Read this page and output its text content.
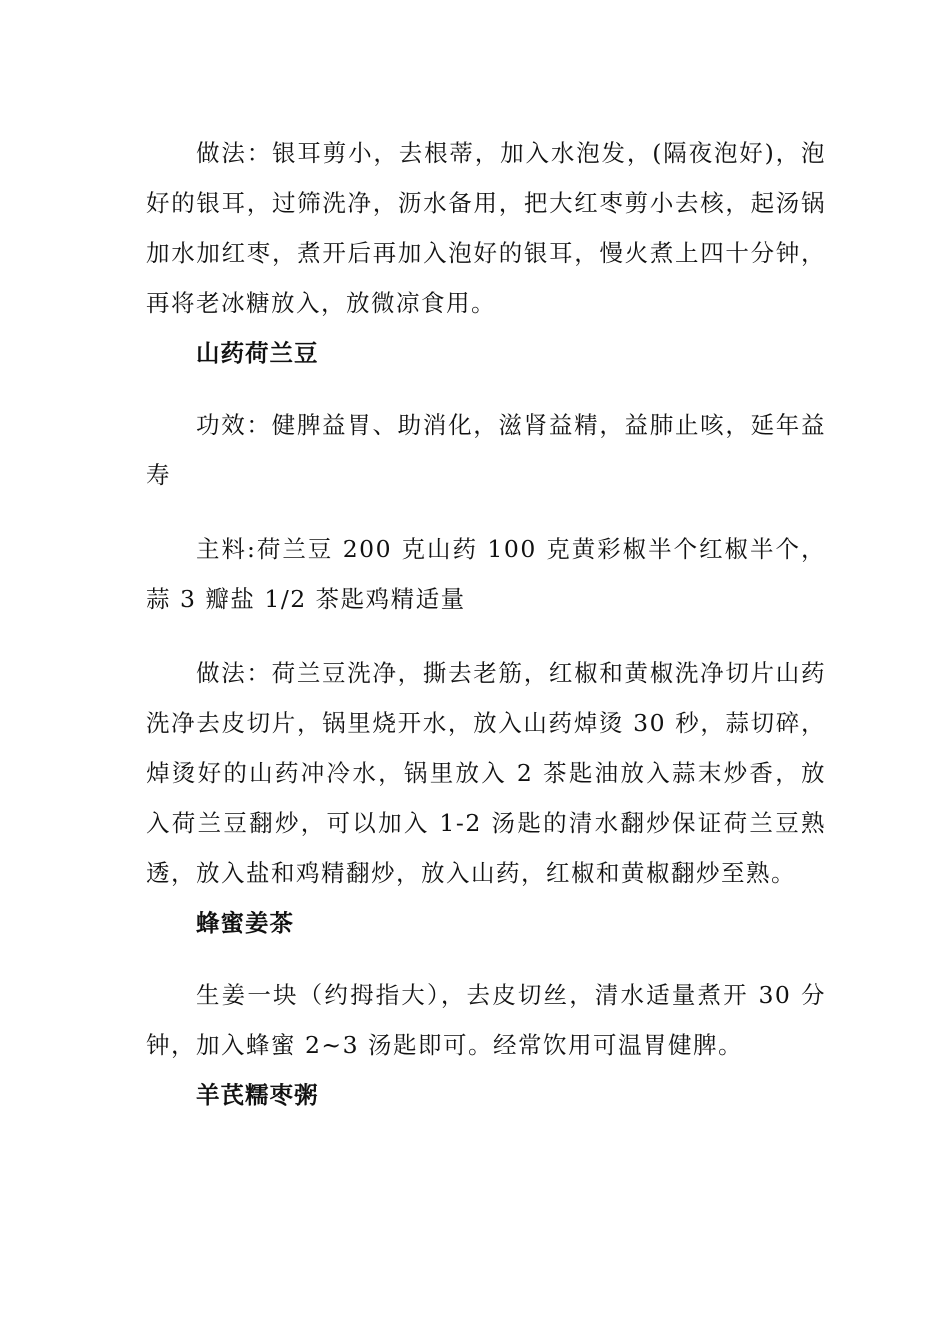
做法：银耳剪小，去根蒂，加入水泡发，(隔夜泡好)，泡好的银耳，过筛洗净，沥水备用，把大红枣剪小去核，起汤锅加水加红枣，煮开后再加入泡好的银耳，慢火煮上四十分钟，再将老冰糖放入，放微凉食用。

山药荷兰豆

功效：健脾益胃、助消化，滋肾益精，益肺止咳，延年益寿

主料:荷兰豆 200 克山药 100 克黄彩椒半个红椒半个，蒜 3 瓣盐 1/2 茶匙鸡精适量

做法：荷兰豆洗净，撕去老筋，红椒和黄椒洗净切片山药洗净去皮切片，锅里烧开水，放入山药焯烫 30 秒，蒜切碎，焯烫好的山药冲冷水，锅里放入 2 茶匙油放入蒜末炒香，放入荷兰豆翻炒，可以加入 1-2 汤匙的清水翻炒保证荷兰豆熟透，放入盐和鸡精翻炒，放入山药，红椒和黄椒翻炒至熟。

蜂蜜姜茶

生姜一块（约拇指大），去皮切丝，清水适量煮开 30 分钟，加入蜂蜜 2~3 汤匙即可。经常饮用可温胃健脾。

羊芪糯枣粥
